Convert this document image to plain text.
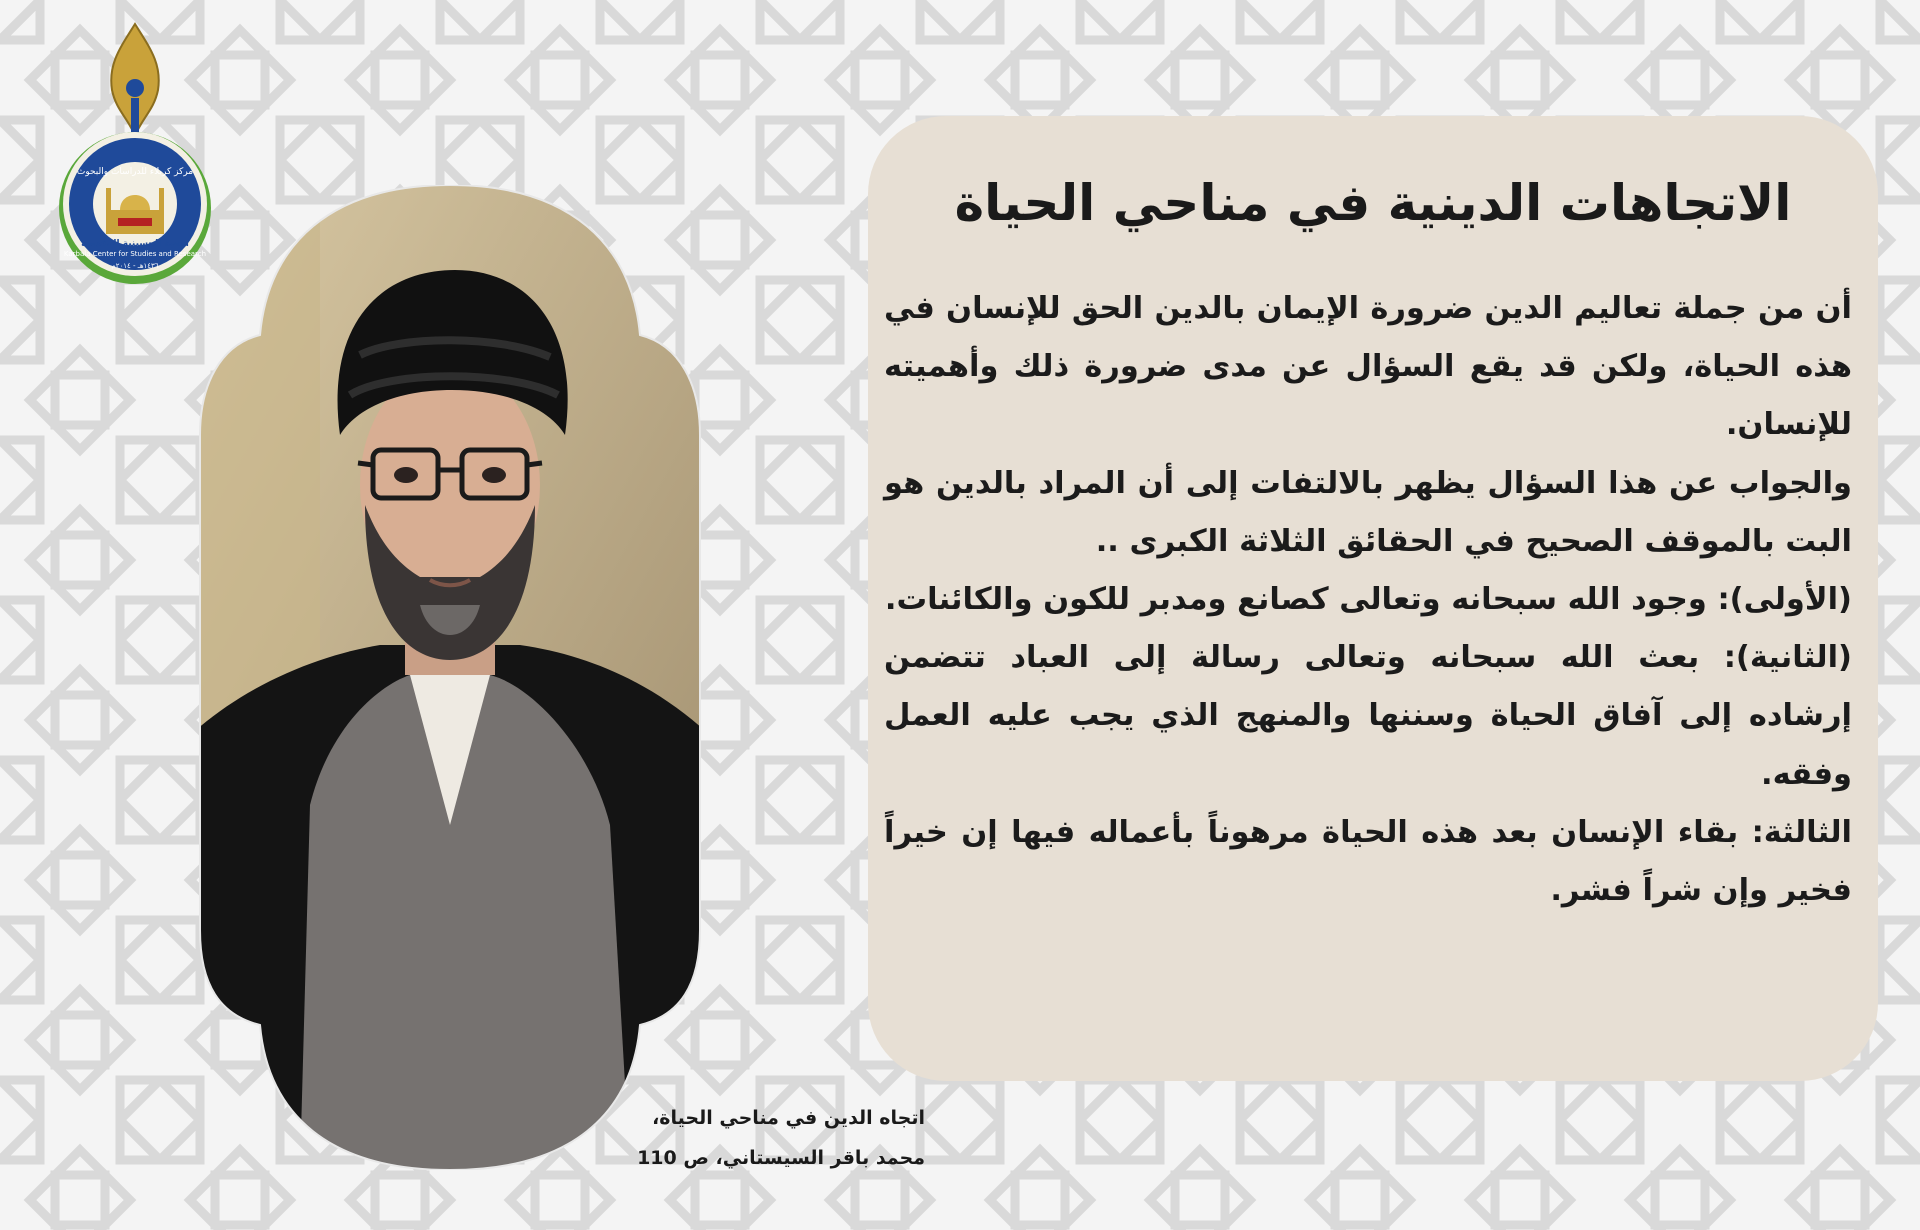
مركز كربلاء للدراسات والبحوث
Karbala Center for Studies and Research
العتبة الحسينية المقدسة
١٤٣٦هـ - ٢٠١٤م
اتجاه الدين في مناحي الحياة،
محمد باقر السيستاني، ص 110
الاتجاهات الدينية في مناحي الحياة

أن من جملة تعاليم الدين ضرورة الإيمان بالدين الحق للإنسان في هذه الحياة، ولكن قد يقع السؤال عن مدى ضرورة ذلك وأهميته للإنسان.

والجواب عن هذا السؤال يظهر بالالتفات إلى أن المراد بالدين هو البت بالموقف الصحيح في الحقائق الثلاثة الكبرى ..

(الأولى): وجود الله سبحانه وتعالى كصانع ومدبر للكون والكائنات.

(الثانية): بعث الله سبحانه وتعالى رسالة إلى العباد تتضمن إرشاده إلى آفاق الحياة وسننها والمنهج الذي يجب عليه العمل وفقه.

الثالثة: بقاء الإنسان بعد هذه الحياة مرهوناً بأعماله فيها إن خيراً فخير وإن شراً فشر.
